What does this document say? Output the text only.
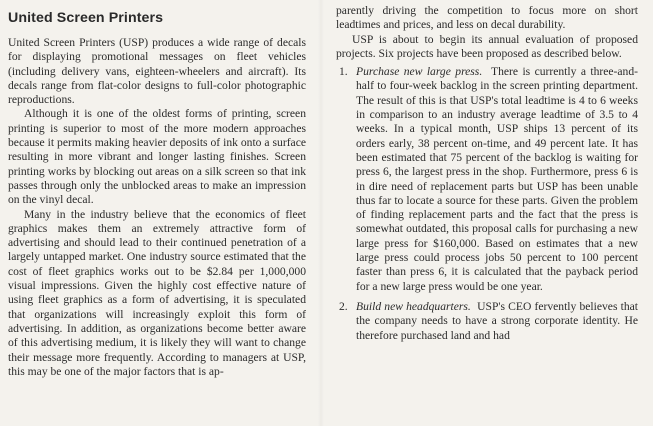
United Screen Printers

United Screen Printers (USP) produces a wide range of decals for displaying promotional messages on fleet vehicles (including delivery vans, eighteen-wheelers and aircraft). Its decals range from flat-color designs to full-color photographic reproductions.

Although it is one of the oldest forms of printing, screen printing is superior to most of the more modern approaches because it permits making heavier deposits of ink onto a surface resulting in more vibrant and longer lasting finishes. Screen printing works by blocking out areas on a silk screen so that ink passes through only the unblocked areas to make an impression on the vinyl decal.

Many in the industry believe that the economics of fleet graphics makes them an extremely attractive form of advertising and should lead to their continued penetration of a largely untapped market. One industry source estimated that the cost of fleet graphics works out to be $2.84 per 1,000,000 visual impressions. Given the highly cost effective nature of using fleet graphics as a form of advertising, it is speculated that organizations will increasingly exploit this form of advertising. In addition, as organizations become better aware of this advertising medium, it is likely they will want to change their message more frequently. According to managers at USP, this may be one of the major factors that is ap-

parently driving the competition to focus more on short leadtimes and prices, and less on decal durability.

USP is about to begin its annual evaluation of proposed projects. Six projects have been proposed as described below.

1. Purchase new large press. There is currently a three-and-half to four-week backlog in the screen printing department. The result of this is that USP's total leadtime is 4 to 6 weeks in comparison to an industry average leadtime of 3.5 to 4 weeks. In a typical month, USP ships 13 percent of its orders early, 38 percent on-time, and 49 percent late. It has been estimated that 75 percent of the backlog is waiting for press 6, the largest press in the shop. Furthermore, press 6 is in dire need of replacement parts but USP has been unable thus far to locate a source for these parts. Given the problem of finding replacement parts and the fact that the press is somewhat outdated, this proposal calls for purchasing a new large press for $160,000. Based on estimates that a new large press could process jobs 50 percent to 100 percent faster than press 6, it is calculated that the payback period for a new large press would be one year.

2. Build new headquarters. USP's CEO fervently believes that the company needs to have a strong corporate identity. He therefore purchased land and had
